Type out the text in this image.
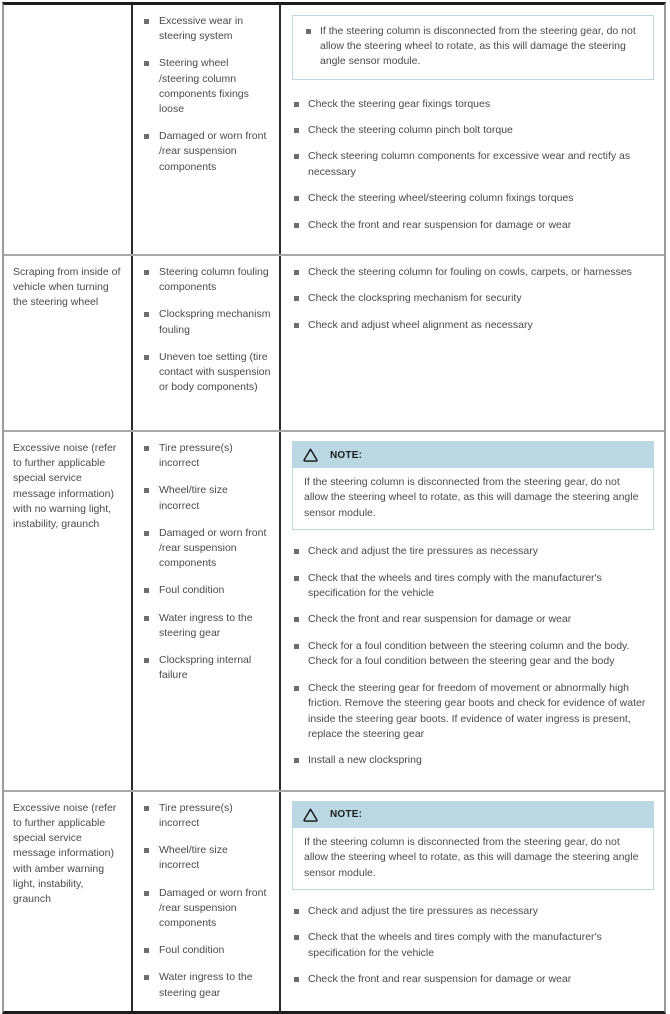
Excessive wear in steering system
Steering wheel /steering column components fixings loose
Damaged or worn front /rear suspension components
If the steering column is disconnected from the steering gear, do not allow the steering wheel to rotate, as this will damage the steering angle sensor module.
Check the steering gear fixings torques
Check the steering column pinch bolt torque
Check steering column components for excessive wear and rectify as necessary
Check the steering wheel/steering column fixings torques
Check the front and rear suspension for damage or wear
Scraping from inside of vehicle when turning the steering wheel
Steering column fouling components
Clockspring mechanism fouling
Uneven toe setting (tire contact with suspension or body components)
Check the steering column for fouling on cowls, carpets, or harnesses
Check the clockspring mechanism for security
Check and adjust wheel alignment as necessary
Excessive noise (refer to further applicable special service message information) with no warning light, instability, graunch
Tire pressure(s) incorrect
Wheel/tire size incorrect
Damaged or worn front /rear suspension components
Foul condition
Water ingress to the steering gear
Clockspring internal failure
NOTE:
If the steering column is disconnected from the steering gear, do not allow the steering wheel to rotate, as this will damage the steering angle sensor module.
Check and adjust the tire pressures as necessary
Check that the wheels and tires comply with the manufacturer's specification for the vehicle
Check the front and rear suspension for damage or wear
Check for a foul condition between the steering column and the body. Check for a foul condition between the steering gear and the body
Check the steering gear for freedom of movement or abnormally high friction. Remove the steering gear boots and check for evidence of water inside the steering gear boots. If evidence of water ingress is present, replace the steering gear
Install a new clockspring
Excessive noise (refer to further applicable special service message information) with amber warning light, instability, graunch
Tire pressure(s) incorrect
Wheel/tire size incorrect
Damaged or worn front /rear suspension components
Foul condition
Water ingress to the steering gear
NOTE:
If the steering column is disconnected from the steering gear, do not allow the steering wheel to rotate, as this will damage the steering angle sensor module.
Check and adjust the tire pressures as necessary
Check that the wheels and tires comply with the manufacturer's specification for the vehicle
Check the front and rear suspension for damage or wear
